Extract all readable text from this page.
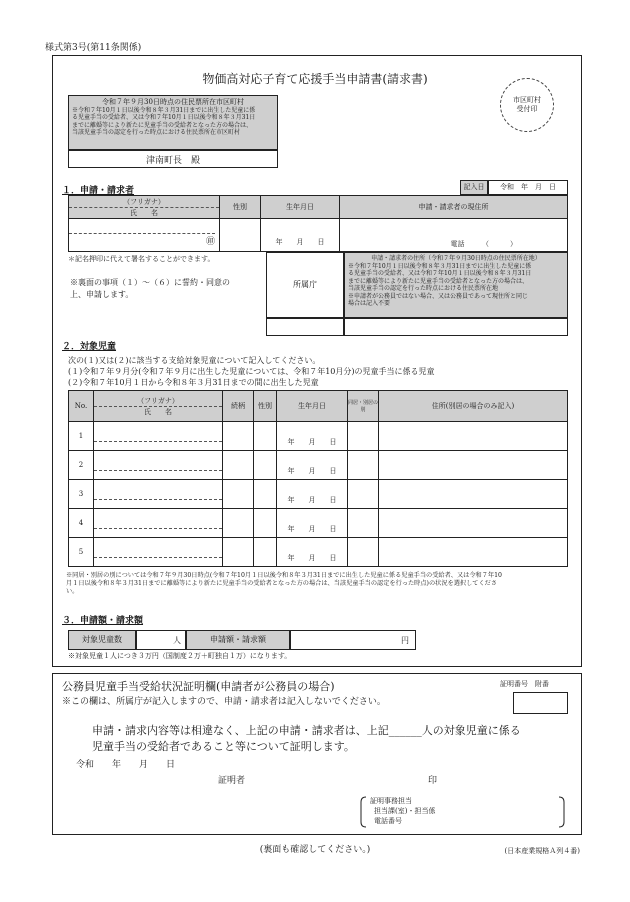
様式第3号(第11条関係)
物価高対応子育て応援手当申請書(請求書)
市区町村
受付印
令和７年９月30日時点の住民票所在市区町村
※令和７年10月１日以後令和８年３月31日までに出生した児童に係
る児童手当の受給者、又は令和７年10月１日以後令和８年３月31日
までに離婚等により新たに児童手当の受給者となった方の場合は、
当該児童手当の認定を行った時点における住民票所在市区町村
津南町長　殿
１．申請・請求者	記入日	令和　年　月　日
（フリガナ）
氏　　名	性別	生年月日	申請・請求者の現住所

㊞		年　　月　　日	電話　　　（　　　）
＊記名押印に代えて署名することができます。
※裏面の事項（１）～（６）に誓約・同意の
上、申請します。
所属庁
申請・請求者の住所（令和７年９月30日時点の住民票所在地）
※令和７年10月１日以後令和８年３月31日までに出生した児童に係
る児童手当の受給者、又は令和７年10月１日以後令和８年３月31日
までに離婚等により新たに児童手当の受給者となった方の場合は、
当該児童手当の認定を行った時点における住民票所在地
※申請者が公務員ではない場合、又は公務員であって現住所と同じ
場合は記入不要
２．対象児童
次の(１)又は(２)に該当する支給対象児童について記入してください。
(１)令和７年９月分(令和７年９月に出生した児童については、令和７年10月分)の児童手当に係る児童
(２)令和７年10月１日から令和８年３月31日までの間に出生した児童
No.	（フリガナ）
氏　　名	続柄	性別	生年月日	同居・別居の別	住所(別居の場合のみ記入)
1				年　　月　　日		
2				年　　月　　日		
3				年　　月　　日		
4				年　　月　　日		
5				年　　月　　日		
※同居・別居の別については令和７年９月30日時点(令和７年10月１日以後令和８年３月31日までに出生した児童に係る児童手当の受給者、又は令和７年10
月１日以後令和８年３月31日までに離婚等により新たに児童手当の受給者となった方の場合は、当該児童手当の認定を行った時点)の状況を選択してくださ
い。
３．申請額・請求額
対象児童数	人	申請額・請求額	円
※対象児童１人につき３万円（国制度２万＋町独自１万）になります。
公務員児童手当受給状況証明欄(申請者が公務員の場合)
※この欄は、所属庁が記入しますので、申請・請求者は記入しないでください。
証明番号　附番
申請・請求内容等は相違なく、上記の申請・請求者は、上記______人の対象児童に係る
児童手当の受給者であること等について証明します。
令和　　年　　月　　日
証明者	印
証明事務担当
担当課(室)・担当係
電話番号
(裏面も確認してください。)	(日本産業規格Ａ列４番)
